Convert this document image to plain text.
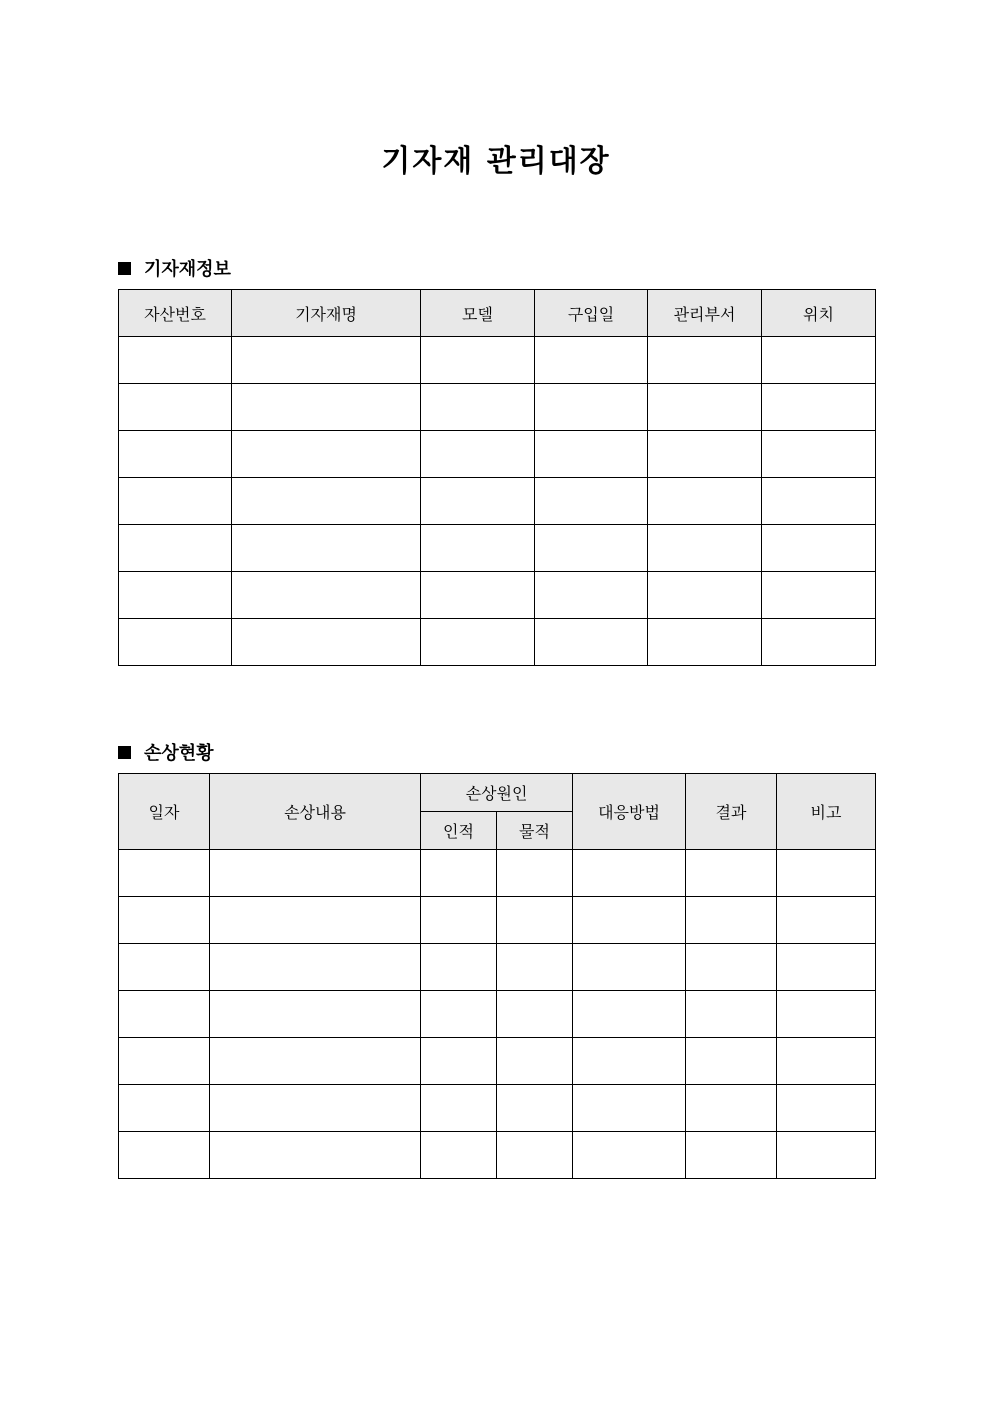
기자재 관리대장
기자재정보
자산번호	기자재명	모델	구입일	관리부서	위치

손상현황
일자	손상내용	손상원인		대응방법	결과	비고
		인적	물적			
